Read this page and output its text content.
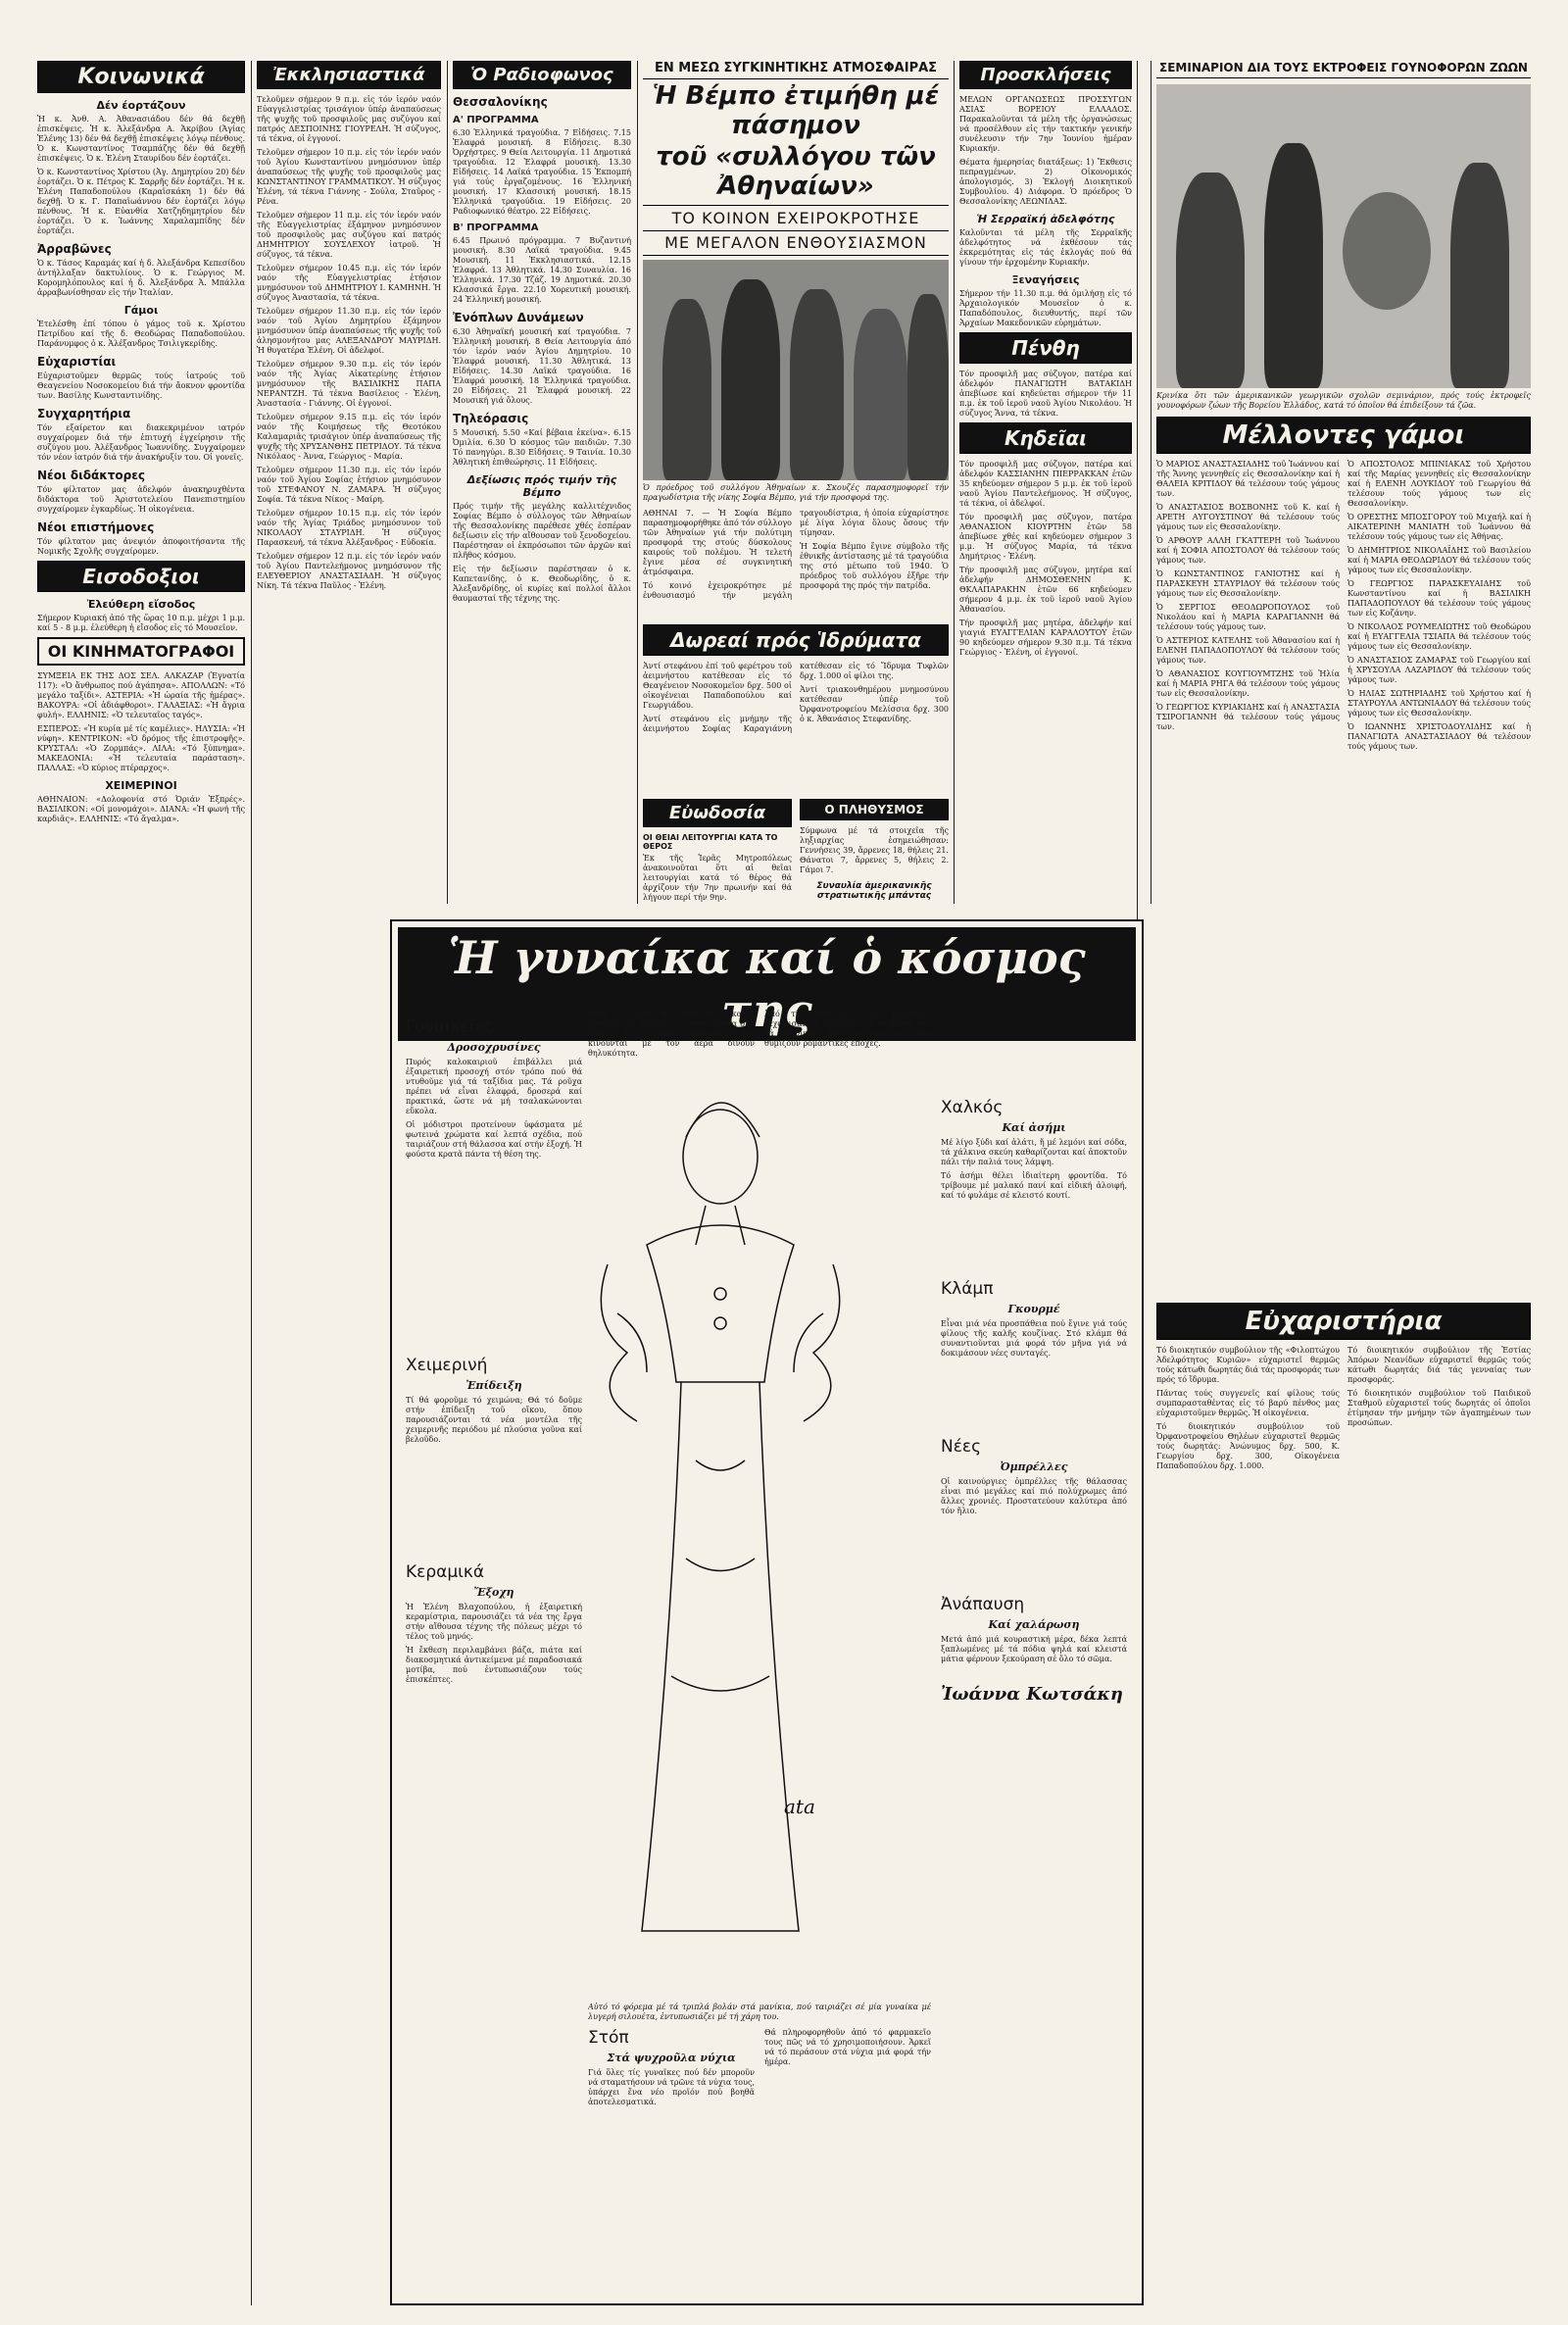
Κοινωνικά
Δέν έορτάζουν

Ἡ κ. Ἀνθ. Α. Ἀθανασιάδου δέν θά δεχθῇ ἐπισκέψεις. Ἡ κ. Ἀλεξάνδρα Α. Ἀκρίβου (Ἀγίας Ἑλένης 13) δέν θά δεχθῇ ἐπισκέψεις λόγῳ πένθους. Ὁ κ. Κωνσταντίνος Τσαμπάζης δέν θά δεχθῇ ἐπισκέψεις. Ὁ κ. Ἑλένη Σταυρίδου δέν ἑορτάζει.

Ὁ κ. Κωνσταντίνος Χρίστου (Ἀγ. Δημητρίου 20) δέν ἑορτάζει. Ὁ κ. Πέτρος Κ. Σαρρῆς δέν ἑορτάζει. Ἡ κ. Ἑλένη Παπαδοπούλου (Καραϊσκάκη 1) δέν θά δεχθῇ. Ὁ κ. Γ. Παπαϊωάννου δέν ἑορτάζει λόγῳ πένθους. Ἡ κ. Εὐανθία Χατζηδημητρίου δέν ἑορτάζει. Ὁ κ. Ἰωάννης Χαραλαμπίδης δέν ἑορτάζει.

Ἀρραβῶνες

Ὁ κ. Τάσος Καραμάς καί ἡ δ. Ἀλεξάνδρα Κεπεσίδου ἀντήλλαξαν δακτυλίους. Ὁ κ. Γεώργιος Μ. Κορομηλόπουλος καί ἡ δ. Ἀλεξάνδρα Ἀ. Μπάλλα ἀρραβωνίσθησαν εἰς τήν Ἰταλίαν.

Γάμοι

Ἐτελέσθη ἐπί τόπου ὁ γάμος τοῦ κ. Χρίστου Πετρίδου καί τῆς δ. Θεοδώρας Παπαδοπούλου. Παράνυμφος ὁ κ. Ἀλέξανδρος Τσιλιγκερίδης.

Εὐχαριστίαι

Εὐχαριστοῦμεν θερμῶς τούς ἰατρούς τοῦ Θεαγενείου Νοσοκομείου διά τήν ἄοκνον φροντίδα των. Βασίλης Κωνσταντινίδης.

Συγχαρητήρια

Τόν εξαίρετον και διακεκριμένον ιατρόν συγχαίρομεν διά τήν ἐπιτυχή ἐγχείρησιν τῆς συζύγου μου. Ἀλέξανδρος Ἰωαννίδης. Συγχαίρομεν τόν νέον ἰατρόν διά τήν ἀνακήρυξίν του. Οἱ γονεῖς.

Νέοι διδάκτορες

Τόν φίλτατον μας ἀδελφόν ἀνακηρυχθέντα διδάκτορα τοῦ Ἀριστοτελείου Πανεπιστημίου συγχαίρομεν ἐγκαρδίως. Ἡ οἰκογένεια.

Νέοι επιστήμονες

Τόν φίλτατον μας ἀνεψιόν ἀποφοιτήσαντα τῆς Νομικῆς Σχολῆς συγχαίρομεν.

Εισοδοξιοι
Ἐλεύθερη εἴσοδος

Σήμερον Κυριακή ἀπό τῆς ὥρας 10 π.μ. μέχρι 1 μ.μ. καί 5 - 8 μ.μ. ἐλεύθερη ἡ εἴσοδος εἰς τό Μουσεῖον.

ΟΙ ΚΙΝΗΜΑΤΟΓΡΑΦΟΙ

ΣΥΜΞΕΙΑ ΕΚ ΤΗΣ ΔΟΣ ΣΕΛ. ΑΛΚΑΖΑΡ (Ἐγνατία 117): «Ὁ ἄνθρωπος πού ἀγάπησα». ΑΠΟΛΛΩΝ: «Τό μεγάλο ταξίδι». ΑΣΤΕΡΙΑ: «Ἡ ὡραία τῆς ἡμέρας». ΒΑΚΟΥΡΑ: «Οἱ ἀδιάφθοροι». ΓΑΛΑΞΙΑΣ: «Ἡ ἄγρια φυλή». ΕΛΛΗΝΙΣ: «Ὁ τελευταῖος ταγός».

ΕΣΠΕΡΟΣ: «Ἡ κυρία μέ τίς καμέλιες». ΗΛΥΣΙΑ: «Ἡ νύφη». ΚΕΝΤΡΙΚΟΝ: «Ὁ δρόμος τῆς ἐπιστροφῆς». ΚΡΥΣΤΑΛ: «Ὁ Ζορμπάς». ΛΙΛΑ: «Τό ξύπνημα». ΜΑΚΕΔΟΝΙΑ: «Ἡ τελευταία παράσταση». ΠΑΛΛΑΣ: «Ὁ κύριος πτέραρχος».

ΧΕΙΜΕΡΙΝΟΙ

ΑΘΗΝΑΙΟΝ: «Δολοφονία στό Ὀριάν Ἐξπρές». ΒΑΣΙΛΙΚΟΝ: «Οἱ μονομάχοι». ΔΙΑΝΑ: «Ἡ φωνή τῆς καρδιᾶς». ΕΛΛΗΝΙΣ: «Τό ἄγαλμα».

Ἐκκλησιαστικά

Τελοῦμεν σήμερον 9 π.μ. εἰς τόν ἱερόν ναόν Εὐαγγελιστρίας τρισάγιον ὑπέρ ἀναπαύσεως τῆς ψυχῆς τοῦ προσφιλοῦς μας συζύγου καί πατρός ΔΕΣΠΟΙΝΗΣ ΓΙΟΥΡΕΛΗ. Ἡ σύζυγος, τά τέκνα, οἱ ἐγγονοί.

Τελοῦμεν σήμερον 10 π.μ. εἰς τόν ἱερόν ναόν τοῦ Ἁγίου Κωνσταντίνου μνημόσυνον ὑπέρ ἀναπαύσεως τῆς ψυχῆς τοῦ προσφιλοῦς μας ΚΩΝΣΤΑΝΤΙΝΟΥ ΓΡΑΜΜΑΤΙΚΟΥ. Ἡ σύζυγος Ἑλένη, τά τέκνα Γιάννης - Σούλα, Σταῦρος - Ρένα.

Τελοῦμεν σήμερον 11 π.μ. εἰς τόν ἱερόν ναόν τῆς Εὐαγγελιστρίας ἐξάμηνον μνημόσυνον τοῦ προσφιλοῦς μας συζύγου καί πατρός ΔΗΜΗΤΡΙΟΥ ΣΟΥΣΛΕΧΟΥ ἰατροῦ. Ἡ σύζυγος, τά τέκνα.

Τελοῦμεν σήμερον 10.45 π.μ. εἰς τόν ἱερόν ναόν τῆς Εὐαγγελιστρίας ἐτήσιον μνημόσυνον τοῦ ΔΗΜΗΤΡΙΟΥ Ι. ΚΑΜΗΝΗ. Ἡ σύζυγος Ἀναστασία, τά τέκνα.

Τελοῦμεν σήμερον 11.30 π.μ. εἰς τόν ἱερόν ναόν τοῦ Ἁγίου Δημητρίου ἑξάμηνον μνημόσυνον ὑπέρ ἀναπαύσεως τῆς ψυχῆς τοῦ ἀλησμονήτου μας ΑΛΕΞΑΝΔΡΟΥ ΜΑΥΡΙΔΗ. Ἡ θυγατέρα Ἑλένη. Οἱ ἀδελφοί.

Τελοῦμεν σήμερον 9.30 π.μ. εἰς τόν ἱερόν ναόν τῆς Ἁγίας Αἰκατερίνης ἐτήσιον μνημόσυνον τῆς ΒΑΣΙΛΙΚΗΣ ΠΑΠΑ ΝΕΡΑΝΤΖΗ. Τά τέκνα Βασίλειος - Ἑλένη, Ἀναστασία - Γιάννης. Οἱ ἐγγονοί.

Τελοῦμεν σήμερον 9.15 π.μ. εἰς τόν ἱερόν ναόν τῆς Κοιμήσεως τῆς Θεοτόκου Καλαμαριᾶς τρισάγιον ὑπέρ ἀναπαύσεως τῆς ψυχῆς τῆς ΧΡΥΣΑΝΘΗΣ ΠΕΤΡΙΔΟΥ. Τά τέκνα Νικόλαος - Ἀννα, Γεώργιος - Μαρία.

Τελοῦμεν σήμερον 11.30 π.μ. εἰς τόν ἱερόν ναόν τοῦ Ἁγίου Σοφίας ἐτήσιον μνημόσυνον τοῦ ΣΤΕΦΑΝΟΥ Ν. ΖΑΜΑΡΑ. Ἡ σύζυγος Σοφία. Τά τέκνα Νίκος - Μαίρη.

Τελοῦμεν σήμερον 10.15 π.μ. εἰς τόν ἱερόν ναόν τῆς Ἁγίας Τριάδος μνημόσυνον τοῦ ΝΙΚΟΛΑΟΥ ΣΤΑΥΡΙΔΗ. Ἡ σύζυγος Παρασκευή, τά τέκνα Ἀλέξανδρος - Εὐδοκία.

Τελοῦμεν σήμερον 12 π.μ. εἰς τόν ἱερόν ναόν τοῦ Ἁγίου Παντελεήμονος μνημόσυνον τῆς ΕΛΕΥΘΕΡΙΟΥ ΑΝΑΣΤΑΣΙΑΔΗ. Ἡ σύζυγος Νίκη. Τά τέκνα Παῦλος - Ἑλένη.

Ὁ Ραδιοφωνος
Θεσσαλονίκης
Α' ΠΡΟΓΡΑΜΜΑ

6.30 Ἑλληνικά τραγούδια. 7 Εἰδήσεις. 7.15 Ἐλαφρά μουσική. 8 Εἰδήσεις. 8.30 Ὀρχήστρες. 9 Θεία Λειτουργία. 11 Δημοτικά τραγούδια. 12 Ἐλαφρά μουσική. 13.30 Εἰδήσεις. 14 Λαϊκά τραγούδια. 15 Ἐκπομπή γιά τούς ἐργαζομένους. 16 Ἐλληνική μουσική. 17 Κλασσική μουσική. 18.15 Ἑλληνικά τραγούδια. 19 Εἰδήσεις. 20 Ραδιοφωνικό θέατρο. 22 Εἰδήσεις.

Β' ΠΡΟΓΡΑΜΜΑ

6.45 Πρωινό πρόγραμμα. 7 Βυζαντινή μουσική. 8.30 Λαϊκά τραγούδια. 9.45 Μουσική. 11 Ἐκκλησιαστικά. 12.15 Ἐλαφρά. 13 Ἀθλητικά. 14.30 Συναυλία. 16 Ἐλληνικά. 17.30 Τζάζ. 19 Δημοτικά. 20.30 Κλασσικά ἔργα. 22.10 Χορευτική μουσική. 24 Ἑλληνική μουσική.

Ἐνόπλων Δυνάμεων

6.30 Ἀθηναϊκή μουσική καί τραγούδια. 7 Ἐλληνική μουσική. 8 Θεία Λειτουργία ἀπό τόν ἱερόν ναόν Ἁγίου Δημητρίου. 10 Ἐλαφρά μουσική. 11.30 Ἀθλητικά. 13 Εἰδήσεις. 14.30 Λαϊκά τραγούδια. 16 Ἐλαφρά μουσική. 18 Ἐλληνικά τραγούδια. 20 Εἰδήσεις. 21 Ἐλαφρά μουσική. 22 Μουσική γιά ὅλους.

Τηλεόρασις

5 Μουσική. 5.50 «Καί βέβαια ἐκείνα». 6.15 Ὀμιλία. 6.30 Ὁ κόσμος τῶν παιδιῶν. 7.30 Τό πανηγύρι. 8.30 Εἰδήσεις. 9 Ταινία. 10.30 Ἀθλητική ἐπιθεώρησις. 11 Εἰδήσεις.

Δεξίωσις πρός τιμήν τῆς Βέμπο

Πρός τιμήν τῆς μεγάλης καλλιτέχνιδος Σοφίας Βέμπο ὁ σύλλογος τῶν Ἀθηναίων τῆς Θεσσαλονίκης παρέθεσε χθές ἐσπέραν δεξίωσιν εἰς τήν αἴθουσαν τοῦ ξενοδοχείου. Παρέστησαν οἱ ἐκπρόσωποι τῶν ἀρχῶν καί πλῆθος κόσμου.

Εἰς τήν δεξίωσιν παρέστησαν ὁ κ. Καπετανίδης, ὁ κ. Θεοδωρίδης, ὁ κ. Ἀλεξανδρίδης, οἱ κυρίες καί πολλοί ἄλλοι θαυμασταί τῆς τέχνης της.

ΕΝ ΜΕΣΩ ΣΥΓΚΙΝΗΤΙΚΗΣ ΑΤΜΟΣΦΑΙΡΑΣ
Ἡ Βέμπο ἐτιμήθη μέ πάσημον
τοῦ «συλλόγου τῶν Ἀθηναίων»
ΤΟ ΚΟΙΝΟΝ ΕΧΕΙΡΟΚΡΟΤΗΣΕ
ΜΕ ΜΕΓΑΛΟΝ ΕΝΘΟΥΣΙΑΣΜΟΝ
Ὁ πρόεδρος τοῦ συλλόγου Ἀθηναίων κ. Σκουζές παρασημοφορεῖ τήν πραγωδίστρια τῆς νίκης Σοφία Βέμπο, γιά τήν προσφορά της.

ΑΘΗΝΑΙ 7. — Ἡ Σοφία Βέμπο παρασημοφορήθηκε ἀπό τόν σύλλογο τῶν Ἀθηναίων γιά τήν πολύτιμη προσφορά της στούς δύσκολους καιρούς τοῦ πολέμου. Ἡ τελετή ἔγινε μέσα σέ συγκινητική ἀτμόσφαιρα.

Τό κοινό ἐχειροκρότησε μέ ἐνθουσιασμό τήν μεγάλη τραγουδίστρια, ἡ ὁποία εὐχαρίστησε μέ λίγα λόγια ὅλους ὅσους τήν τίμησαν.

Ἡ Σοφία Βέμπο ἔγινε σύμβολο τῆς ἐθνικῆς ἀντίστασης μέ τά τραγούδια της στό μέτωπο τοῦ 1940. Ὁ πρόεδρος τοῦ συλλόγου ἐξῆρε τήν προσφορά της πρός τήν πατρίδα.

Δωρεαί πρός Ἱδρύματα

Ἀντί στεφάνου ἐπί τοῦ φερέτρου τοῦ ἀειμνήστου κατέθεσαν εἰς τό Θεαγένειον Νοσοκομεῖον δρχ. 500 οἱ οἰκογένειαι Παπαδοπούλου καί Γεωργιάδου.

Ἀντί στεφάνου εἰς μνήμην τῆς ἀειμνήστου Σοφίας Καραγιάννη κατέθεσαν εἰς τό Ἴδρυμα Τυφλῶν δρχ. 1.000 οἱ φίλοι της.

Ἀντί τριακονθημέρου μνημοσύνου κατέθεσαν ὑπέρ τοῦ Ὀρφανοτροφείου Μελίσσια δρχ. 300 ὁ κ. Ἀθανάσιος Στεφανίδης.

Εὐωδοσία
ΟΙ ΘΕΙΑΙ ΛΕΙΤΟΥΡΓΙΑΙ ΚΑΤΑ ΤΟ ΘΕΡΟΣ

Ἐκ τῆς Ἱερᾶς Μητροπόλεως ἀνακοινοῦται ὅτι αἱ θεῖαι λειτουργίαι κατά τό θέρος θά ἀρχίζουν τήν 7ην πρωινήν καί θά λήγουν περί τήν 9ην.

Ο ΠΛΗΘΥΣΜΟΣ

Σύμφωνα μέ τά στοιχεῖα τῆς ληξιαρχίας ἐσημειώθησαν: Γεννήσεις 39, ἄρρενες 18, θήλεις 21. Θάνατοι 7, ἄρρενες 5, θήλεις 2. Γάμοι 7.

Συναυλία ἀμερικανικῆς στρατιωτικῆς μπάντας

Προσκλήσεις

ΜΕΛΩΝ ΟΡΓΑΝΩΣΕΩΣ ΠΡΟΣΣΥΓΩΝ ΑΣΙΑΣ ΒΟΡΕΙΟΥ ΕΛΛΑΔΟΣ. Παρακαλοῦνται τά μέλη τῆς ὀργανώσεως νά προσέλθουν εἰς τήν τακτικήν γενικήν συνέλευσιν τήν 7ην Ἰουνίου ἡμέραν Κυριακήν.

Θέματα ἡμερησίας διατάξεως: 1) Ἔκθεσις πεπραγμένων. 2) Οἰκονομικός ἀπολογισμός. 3) Ἐκλογή Διοικητικοῦ Συμβουλίου. 4) Διάφορα. Ὁ πρόεδρος Ὁ Θεσσαλονίκης ΛΕΩΝΙΔΑΣ.

Ἡ Σερραϊκή ἀδελφότης

Καλοῦνται τά μέλη τῆς Σερραϊκῆς ἀδελφότητος νά ἐκθέσουν τάς ἐκκρεμότητας εἰς τάς ἐκλογάς πού θά γίνουν τήν ἐρχομένην Κυριακήν.

Ξεναγήσεις

Σήμερον τήν 11.30 π.μ. θά ὁμιλήσῃ εἰς τό Ἀρχαιολογικόν Μουσεῖον ὁ κ. Παπαδόπουλος, διευθυντής, περί τῶν Ἀρχαίων Μακεδονικῶν εὑρημάτων.

Πένθη

Τόν προσφιλῆ μας σύζυγον, πατέρα καί ἀδελφόν ΠΑΝΑΓΙΩΤΗ ΒΑΤΑΚΙΔΗ ἀπεβίωσε καί κηδεύεται σήμερον τήν 11 π.μ. ἐκ τοῦ ἱεροῦ ναοῦ Ἁγίου Νικολάου. Ἡ σύζυγος Ἄννα, τά τέκνα.

Κηδεῖαι

Τόν προσφιλῆ μας σύζυγον, πατέρα καί ἀδελφόν ΚΑΣΣΙΑΝΗΝ ΠΙΕΡΡΑΚΚΑΝ ἐτῶν 35 κηδεύομεν σήμερον 5 μ.μ. ἐκ τοῦ ἱεροῦ ναοῦ Ἁγίου Παντελεήμονος. Ἡ σύζυγος, τά τέκνα, οἱ ἀδελφοί.

Τόν προσφιλῆ μας σύζυγον, πατέρα ΑΘΑΝΑΣΙΟΝ ΚΙΟΥΡΤΗΝ ἐτῶν 58 ἀπεβίωσε χθές καί κηδεύομεν σήμερον 3 μ.μ. Ἡ σύζυγος Μαρία, τά τέκνα Δημήτριος - Ἑλένη.

Τήν προσφιλῆ μας σύζυγον, μητέρα καί ἀδελφήν ΔΗΜΟΣΘΕΝΗΝ Κ. ΘΚΛΑΠΑΡΑΚΗΝ ἐτῶν 66 κηδεύομεν σήμερον 4 μ.μ. ἐκ τοῦ ἱεροῦ ναοῦ Ἁγίου Ἀθανασίου.

Τήν προσφιλῆ μας μητέρα, ἀδελφήν καί γιαγιά ΕΥΑΓΓΕΛΙΑΝ ΚΑΡΑΛΟΥΤΟΥ ἐτῶν 90 κηδεύομεν σήμερον 9.30 π.μ. Τά τέκνα Γεώργιος - Ἑλένη, οἱ ἐγγονοί.

ΣΕΜΙΝΑΡΙΟΝ ΔΙΑ ΤΟΥΣ ΕΚΤΡΟΦΕΙΣ ΓΟΥΝΟΦΟΡΩΝ ΖΩΩΝ
Κρινίκα ὅτι τῶν ἀμερικανικῶν γεωργικῶν σχολῶν σεμινάριον, πρός τούς ἐκτροφεῖς γουνοφόρων ζώων τῆς Βορείου Ἑλλάδος, κατά τό ὁποῖον θά ἐπιδείξουν τά ζῶα.
Μέλλοντες γάμοι

Ὁ ΜΑΡΙΟΣ ΑΝΑΣΤΑΣΙΑΔΗΣ τοῦ Ἰωάννου καί τῆς Ἄννης γεννηθείς εἰς Θεσσαλονίκην καί ἡ ΘΑΛΕΙΑ ΚΡΙΤΙΔΟΥ θά τελέσουν τούς γάμους των.

Ὁ ΑΝΑΣΤΑΣΙΟΣ ΒΟΣΒΟΝΗΣ τοῦ Κ. καί ἡ ΑΡΕΤΗ ΑΥΓΟΥΣΤΙΝΟΥ θά τελέσουν τούς γάμους των εἰς Θεσσαλονίκην.

Ὁ ΑΡΘΟΥΡ ΑΛΛΗ ΓΚΑΤΤΕΡΗ τοῦ Ἰωάννου καί ἡ ΣΟΦΙΑ ΑΠΟΣΤΟΛΟΥ θά τελέσουν τούς γάμους των.

Ὁ ΚΩΝΣΤΑΝΤΙΝΟΣ ΓΑΝΙΟΤΗΣ καί ἡ ΠΑΡΑΣΚΕΥΗ ΣΤΑΥΡΙΔΟΥ θά τελέσουν τούς γάμους των εἰς Θεσσαλονίκην.

Ὁ ΣΕΡΓΙΟΣ ΘΕΟΔΩΡΟΠΟΥΛΟΣ τοῦ Νικολάου καί ἡ ΜΑΡΙΑ ΚΑΡΑΓΙΑΝΝΗ θά τελέσουν τούς γάμους των.

Ὁ ΑΣΤΕΡΙΟΣ ΚΑΤΕΛΗΣ τοῦ Ἀθανασίου καί ἡ ΕΛΕΝΗ ΠΑΠΑΔΟΠΟΥΛΟΥ θά τελέσουν τούς γάμους των.

Ὁ ΑΘΑΝΑΣΙΟΣ ΚΟΥΓΙΟΥΜΤΖΗΣ τοῦ Ἠλία καί ἡ ΜΑΡΙΑ ΡΗΓΑ θά τελέσουν τούς γάμους των εἰς Θεσσαλονίκην.

Ὁ ΓΕΩΡΓΙΟΣ ΚΥΡΙΑΚΙΔΗΣ καί ἡ ΑΝΑΣΤΑΣΙΑ ΤΣΙΡΟΓΙΑΝΝΗ θά τελέσουν τούς γάμους των.

Ὁ ΑΠΟΣΤΟΛΟΣ ΜΠΙΝΙΑΚΑΣ τοῦ Χρήστου καί τῆς Μαρίας γεννηθείς εἰς Θεσσαλονίκην καί ἡ ΕΛΕΝΗ ΛΟΥΚΙΔΟΥ τοῦ Γεωργίου θά τελέσουν τούς γάμους των εἰς Θεσσαλονίκην.

Ὁ ΟΡΕΣΤΗΣ ΜΠΟΣΓΟΡΟΥ τοῦ Μιχαήλ καί ἡ ΑΙΚΑΤΕΡΙΝΗ ΜΑΝΙΑΤΗ τοῦ Ἰωάννου θά τελέσουν τούς γάμους των εἰς Ἀθήνας.

Ὁ ΔΗΜΗΤΡΙΟΣ ΝΙΚΟΛΑΪΔΗΣ τοῦ Βασιλείου καί ἡ ΜΑΡΙΑ ΘΕΟΔΩΡΙΔΟΥ θά τελέσουν τούς γάμους των εἰς Θεσσαλονίκην.

Ὁ ΓΕΩΡΓΙΟΣ ΠΑΡΑΣΚΕΥΑΙΔΗΣ τοῦ Κωνσταντίνου καί ἡ ΒΑΣΙΛΙΚΗ ΠΑΠΑΔΟΠΟΥΛΟΥ θά τελέσουν τούς γάμους των εἰς Κοζάνην.

Ὁ ΝΙΚΟΛΑΟΣ ΡΟΥΜΕΛΙΩΤΗΣ τοῦ Θεοδώρου καί ἡ ΕΥΑΓΓΕΛΙΑ ΤΣΙΑΠΑ θά τελέσουν τούς γάμους των εἰς Θεσσαλονίκην.

Ὁ ΑΝΑΣΤΑΣΙΟΣ ΖΑΜΑΡΑΣ τοῦ Γεωργίου καί ἡ ΧΡΥΣΟΥΛΑ ΛΑΖΑΡΙΔΟΥ θά τελέσουν τούς γάμους των.

Ὁ ΗΛΙΑΣ ΣΩΤΗΡΙΑΔΗΣ τοῦ Χρήστου καί ἡ ΣΤΑΥΡΟΥΛΑ ΑΝΤΩΝΙΑΔΟΥ θά τελέσουν τούς γάμους των εἰς Θεσσαλονίκην.

Ὁ ΙΩΑΝΝΗΣ ΧΡΙΣΤΟΔΟΥΛΙΔΗΣ καί ἡ ΠΑΝΑΓΙΩΤΑ ΑΝΑΣΤΑΣΙΑΔΟΥ θά τελέσουν τούς γάμους των.

Εὐχαριστήρια

Τό διοικητικόν συμβούλιον τῆς «Φιλοπτώχου Ἀδελφότητος Κυριῶν» εὐχαριστεῖ θερμῶς τούς κάτωθι δωρητάς διά τάς προσφοράς των πρός τό ἵδρυμα.

Πάντας τούς συγγενεῖς καί φίλους τούς συμπαρασταθέντας εἰς τό βαρύ πένθος μας εὐχαριστοῦμεν θερμῶς. Ἡ οἰκογένεια.

Τό διοικητικόν συμβούλιον τοῦ Ὀρφανοτροφείου Θηλέων εὐχαριστεῖ θερμῶς τούς δωρητάς: Ἀνώνυμος δρχ. 500, Κ. Γεωργίου δρχ. 300, Οἰκογένεια Παπαδοπούλου δρχ. 1.000.

Τό διοικητικόν συμβούλιον τῆς Ἑστίας Ἀπόρων Νεανίδων εὐχαριστεῖ θερμῶς τούς κάτωθι δωρητάς διά τάς γενναίας των προσφοράς.

Τό διοικητικόν συμβούλιον τοῦ Παιδικοῦ Σταθμοῦ εὐχαριστεῖ τούς δωρητάς οἱ ὁποῖοι ἐτίμησαν τήν μνήμην τῶν ἀγαπημένων των προσώπων.

Ἡ γυναίκα καί ὁ κόσμος της
Γυναικεῖες
Δροσοχρυσίνες

Πυρός καλοκαιριοῦ ἐπιβάλλει μιά ἐξαιρετική προσοχή στόν τρόπο πού θά ντυθοῦμε γιά τά ταξίδια μας. Τά ροῦχα πρέπει νά εἶναι ἐλαφρά, δροσερά καί πρακτικά, ὥστε νά μή τσαλακώνονται εὔκολα.

Οἱ μόδιστροι προτείνουν ὑφάσματα μέ φωτεινά χρώματα καί λεπτά σχέδια, πού ταιριάζουν στή θάλασσα καί στήν ἐξοχή. Ἡ φούστα κρατᾶ πάντα τή θέση της.

Χειμερινή
Ἐπίδειξη

Τί θά φοροῦμε τό χειμώνα; Θά τό δοῦμε στήν ἐπίδειξη τοῦ οἴκου, ὅπου παρουσιάζονται τά νέα μοντέλα τῆς χειμερινῆς περιόδου μέ πλούσια γοῦνα καί βελοῦδο.

Κεραμικά
Ἔξοχη

Ἡ Ἑλένη Βλαχοπούλου, ἡ ἐξαιρετική κεραμίστρια, παρουσιάζει τά νέα της ἔργα στήν αἴθουσα τέχνης τῆς πόλεως μέχρι τό τέλος τοῦ μηνός.

Ἡ ἔκθεση περιλαμβάνει βάζα, πιάτα καί διακοσμητικά ἀντικείμενα μέ παραδοσιακά μοτίβα, πού ἐντυπωσιάζουν τούς ἐπισκέπτες.

κενη. Τό σχέδιο της εἶναι ἁπλό, καί ἡ γραμμή τοῦ φορέματος πιάνει ὡραῖα στό σῶμα. Τά ἐλαφρά ὑφάσματα πού κινοῦνται μέ τόν ἀέρα δίνουν θηλυκότητα.

Ἀπό τίς ἐπιδείξεις τῶν Παρισίων ξεχώρισαν τά φορέματα μέ τά βολάν καί τά μανίκια πού φουσκώνουν, πού θυμίζουν ρομαντικές ἐποχές.

ata
Αὐτό τό φόρεμα μέ τά τριπλά βολάν στά μανίκια, πού ταιριάζει σέ μία γυναίκα μέ λυγερή σιλουέτα, ἐντυπωσιάζει μέ τή χάρη του.
Στόπ
Στά ψυχροῦλα νύχια

Γιά ὅλες τίς γυναῖκες πού δέν μποροῦν νά σταματήσουν νά τρῶνε τά νύχια τους, ὑπάρχει ἕνα νέο προϊόν πού βοηθᾶ ἀποτελεσματικά.

Θά πληροφορηθοῦν ἀπό τό φαρμακεῖο τους πῶς νά τό χρησιμοποιήσουν. Ἀρκεῖ νά τό περάσουν στά νύχια μιά φορά τήν ἡμέρα.

Χαλκός
Καί ἀσήμι

Μέ λίγο ξύδι καί ἀλάτι, ἤ μέ λεμόνι καί σόδα, τά χάλκινα σκεύη καθαρίζονται καί ἀποκτοῦν πάλι τήν παλιά τους λάμψη.

Τό ἀσήμι θέλει ἰδιαίτερη φροντίδα. Τό τρίβουμε μέ μαλακό πανί καί εἰδική ἀλοιφή, καί τό φυλάμε σέ κλειστό κουτί.

Κλάμπ
Γκουρμέ

Εἶναι μιά νέα προσπάθεια πού ἔγινε γιά τούς φίλους τῆς καλῆς κουζίνας. Στό κλάμπ θά συναντιοῦνται μιά φορά τόν μῆνα γιά νά δοκιμάσουν νέες συνταγές.

Νέες
Ὀμπρέλλες

Οἱ καινούργιες ὀμπρέλλες τῆς θάλασσας εἶναι πιό μεγάλες καί πιό πολύχρωμες ἀπό ἄλλες χρονιές. Προστατεύουν καλύτερα ἀπό τόν ἥλιο.

Ἀνάπαυση
Καί χαλάρωση

Μετά ἀπό μιά κουραστική μέρα, δέκα λεπτά ξαπλωμένες μέ τά πόδια ψηλά καί κλειστά μάτια φέρνουν ξεκούραση σέ ὅλο τό σῶμα.

Ἰωάννα Κωτσάκη
